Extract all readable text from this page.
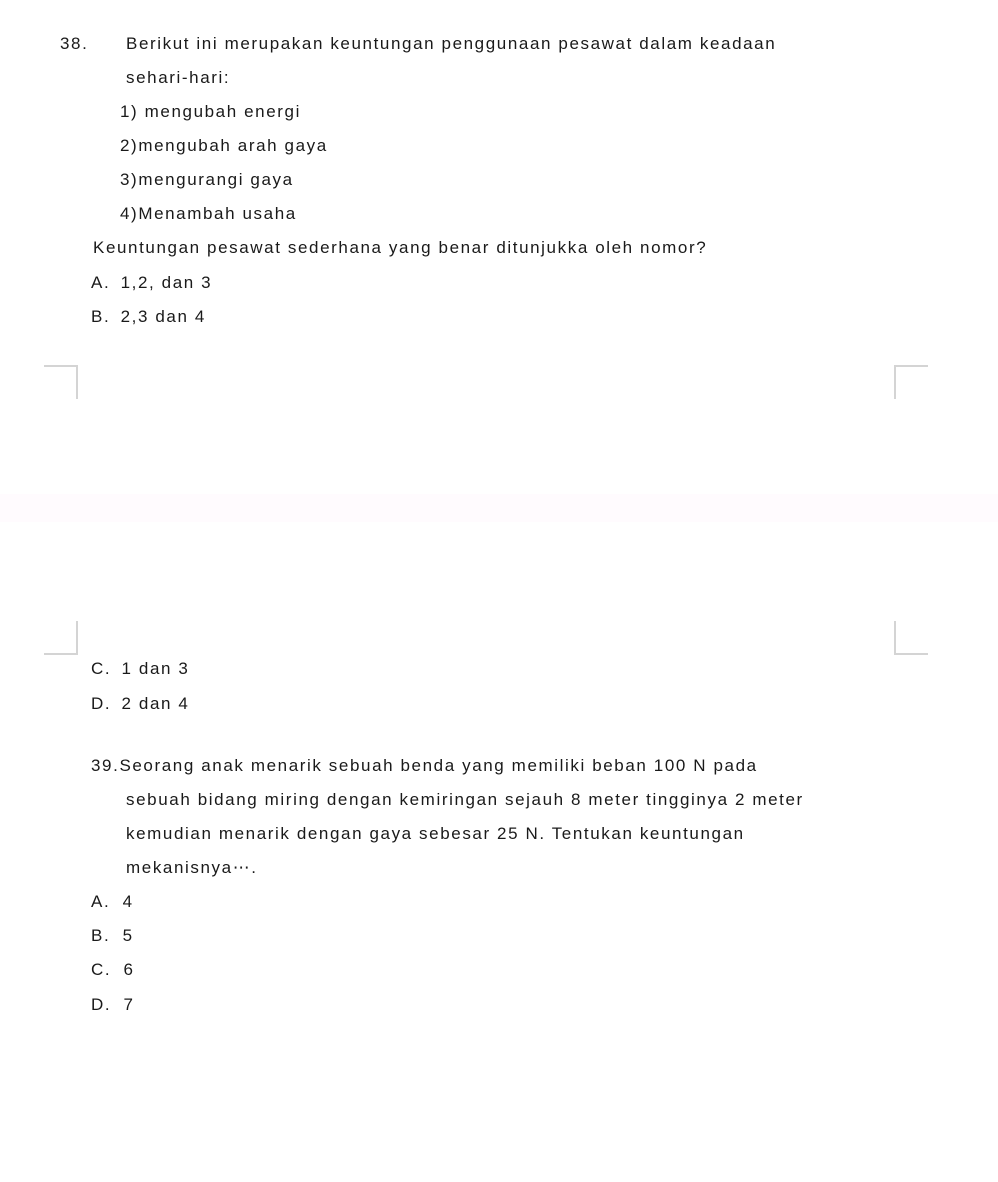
38. Berikut ini merupakan keuntungan penggunaan pesawat dalam keadaan
sehari-hari:
1) mengubah energi
2)mengubah arah gaya
3)mengurangi gaya
4)Menambah usaha
Keuntungan pesawat sederhana yang benar ditunjukka oleh nomor?
A. 1,2, dan 3
B. 2,3 dan 4
C. 1 dan 3
D. 2 dan 4
39.Seorang anak menarik sebuah benda yang memiliki beban 100 N pada
sebuah bidang miring dengan kemiringan sejauh 8 meter tingginya 2 meter
kemudian menarik dengan gaya sebesar 25 N. Tentukan keuntungan
mekanisnya⋯.
A. 4
B. 5
C. 6
D. 7
